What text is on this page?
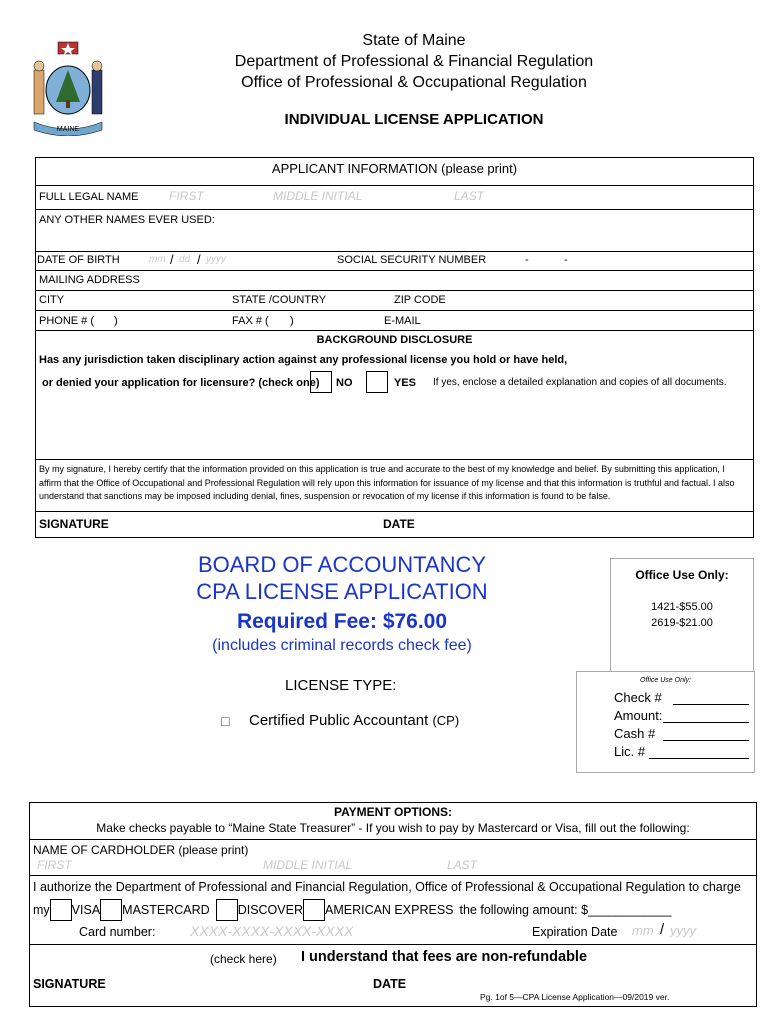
MAINE
State of Maine
Department of Professional & Financial Regulation
Office of Professional & Occupational Regulation
INDIVIDUAL LICENSE APPLICATION
APPLICANT INFORMATION (please print)
FULL LEGAL NAME	FIRST	MIDDLE INITIAL	LAST
ANY OTHER NAMES EVER USED:
DATE OF BIRTH	mm / dd / yyyy	SOCIAL SECURITY NUMBER	-	-
MAILING ADDRESS
CITY	STATE /COUNTRY	ZIP CODE
PHONE # ( )	FAX # ( )	E-MAIL
BACKGROUND DISCLOSURE
Has any jurisdiction taken disciplinary action against any professional license you hold or have held,
or denied your application for licensure? (check one) NO	YES If yes, enclose a detailed explanation and copies of all documents.
By my signature, I hereby certify that the information provided on this application is true and accurate to the best of my knowledge and belief. By submitting this application, I affirm that the Office of Occupational and Professional Regulation will rely upon this information for issuance of my license and that this information is truthful and factual. I also understand that sanctions may be imposed including denial, fines, suspension or revocation of my license if this information is found to be false.
SIGNATURE	DATE
BOARD OF ACCOUNTANCY
CPA LICENSE APPLICATION
Required Fee: $76.00
(includes criminal records check fee)
LICENSE TYPE:
□ Certified Public Accountant (CP)
Office Use Only:
1421-$55.00
2619-$21.00
Office Use Only:
Check #
Amount:
Cash #
Lic. #
PAYMENT OPTIONS:
Make checks payable to “Maine State Treasurer” - If you wish to pay by Mastercard or Visa, fill out the following:
NAME OF CARDHOLDER (please print)
FIRST	MIDDLE INITIAL	LAST
I authorize the Department of Professional and Financial Regulation, Office of Professional & Occupational Regulation to charge
my VISA MASTERCARD DISCOVER AMERICAN EXPRESS the following amount: $____________
Card number: XXXX-XXXX-XXXX-XXXX	Expiration Date mm / yyyy
(check here) I understand that fees are non-refundable
SIGNATURE	DATE
Pg. 1of 5—CPA License Application—09/2019 ver.
